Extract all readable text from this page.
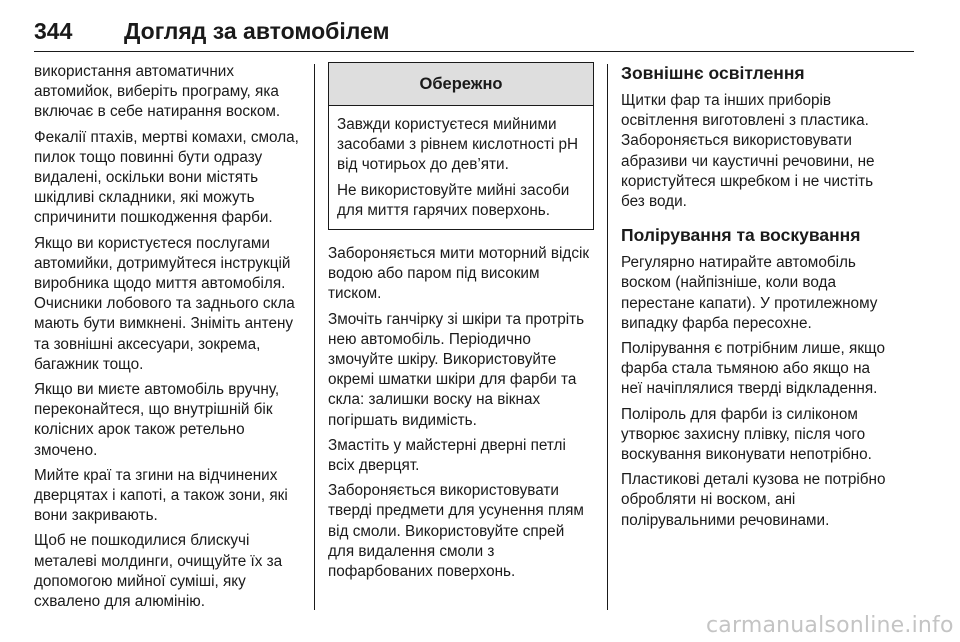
344 Догляд за автомобілем

використання автоматичних автомийок, виберіть програму, яка включає в себе натирання воском.

Фекалії птахів, мертві комахи, смола, пилок тощо повинні бути одразу видалені, оскільки вони містять шкідливі складники, які можуть спричинити пошкодження фарби.

Якщо ви користуєтеся послугами автомийки, дотримуйтеся інструкцій виробника щодо миття автомобіля. Очисники лобового та заднього скла мають бути вимкнені. Зніміть антену та зовнішні аксесуари, зокрема, багажник тощо.

Якщо ви миєте автомобіль вручну, переконайтеся, що внутрішній бік колісних арок також ретельно змочено.

Мийте краї та згини на відчинених дверцятах і капоті, а також зони, які вони закривають.

Щоб не пошкодилися блискучі металеві молдинги, очищуйте їх за допомогою мийної суміші, яку схвалено для алюмінію.

Обережно

Завжди користуєтеся мийними засобами з рівнем кислотності pH від чотирьох до дев’яти.

Не використовуйте мийні засоби для миття гарячих поверхонь.

Забороняється мити моторний відсік водою або паром під високим тиском.

Змочіть ганчірку зі шкіри та протріть нею автомобіль. Періодично змочуйте шкіру. Використовуйте окремі шматки шкіри для фарби та скла: залишки воску на вікнах погіршать видимість.

Змастіть у майстерні дверні петлі всіх дверцят.

Забороняється використовувати тверді предмети для усунення плям від смоли. Використовуйте спрей для видалення смоли з пофарбованих поверхонь.

Зовнішнє освітлення

Щитки фар та інших приборів освітлення виготовлені з пластика. Забороняється використовувати абразиви чи каустичні речовини, не користуйтеся шкребком і не чистіть без води.

Полірування та воскування

Регулярно натирайте автомобіль воском (найпізніше, коли вода перестане капати). У протилежному випадку фарба пересохне.

Полірування є потрібним лише, якщо фарба стала тьмяною або якщо на неї начіплялися тверді відкладення.

Поліроль для фарби із силіконом утворює захисну плівку, після чого воскування виконувати непотрібно.

Пластикові деталі кузова не потрібно обробляти ні воском, ані полірувальними речовинами.

carmanualsonline.info
